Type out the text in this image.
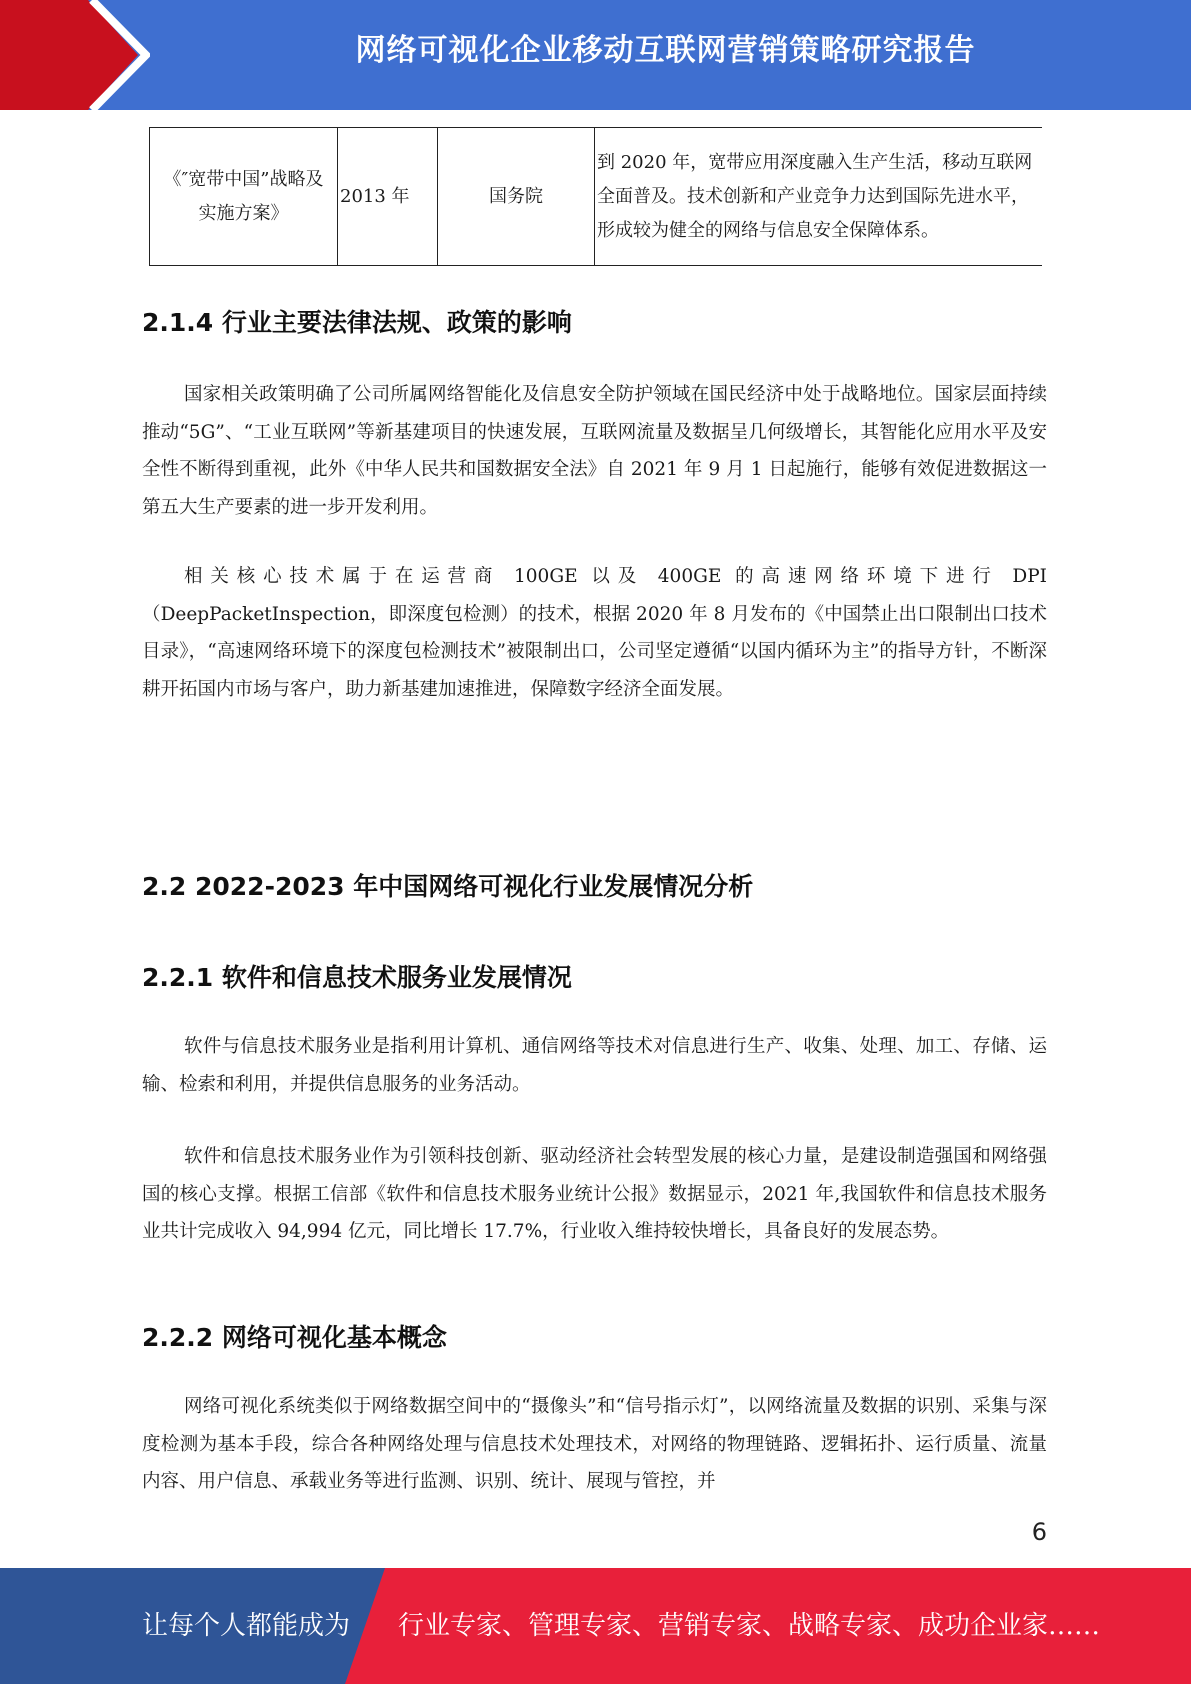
网络可视化企业移动互联网营销策略研究报告
《″宽带中国”战略及实施方案》	2013 年	国务院	到 2020 年，宽带应用深度融入生产生活，移动互联网 全面普及。技术创新和产业竞争力达到国际先进水平， 形成较为健全的网络与信息安全保障体系。
2.1.4 行业主要法律法规、政策的影响

国家相关政策明确了公司所属网络智能化及信息安全防护领域在国民经济中处于战略地位。国家层面持续推动“5G”、“工业互联网”等新基建项目的快速发展，互联网流量及数据呈几何级增长，其智能化应用水平及安全性不断得到重视，此外《中华人民共和国数据安全法》自 2021 年 9 月 1 日起施行，能够有效促进数据这一第五大生产要素的进一步开发利用。

相关核心技术属于在运营商 100GE 以及 400GE 的高速网络环境下进行 DPI（DeepPacketInspection，即深度包检测）的技术，根据 2020 年 8 月发布的《中国禁止出口限制出口技术目录》，“高速网络环境下的深度包检测技术”被限制出口，公司坚定遵循“以国内循环为主”的指导方针，不断深耕开拓国内市场与客户，助力新基建加速推进，保障数字经济全面发展。

2.2 2022-2023 年中国网络可视化行业发展情况分析
2.2.1 软件和信息技术服务业发展情况

软件与信息技术服务业是指利用计算机、通信网络等技术对信息进行生产、收集、处理、加工、存储、运输、检索和利用，并提供信息服务的业务活动。

软件和信息技术服务业作为引领科技创新、驱动经济社会转型发展的核心力量，是建设制造强国和网络强国的核心支撑。根据工信部《软件和信息技术服务业统计公报》数据显示，2021 年,我国软件和信息技术服务业共计完成收入 94,994 亿元，同比增长 17.7%，行业收入维持较快增长，具备良好的发展态势。

2.2.2 网络可视化基本概念

网络可视化系统类似于网络数据空间中的“摄像头”和“信号指示灯”，以网络流量及数据的识别、采集与深度检测为基本手段，综合各种网络处理与信息技术处理技术，对网络的物理链路、逻辑拓扑、运行质量、流量内容、用户信息、承载业务等进行监测、识别、统计、展现与管控，并

6
让每个人都能成为 行业专家、管理专家、营销专家、战略专家、成功企业家……
